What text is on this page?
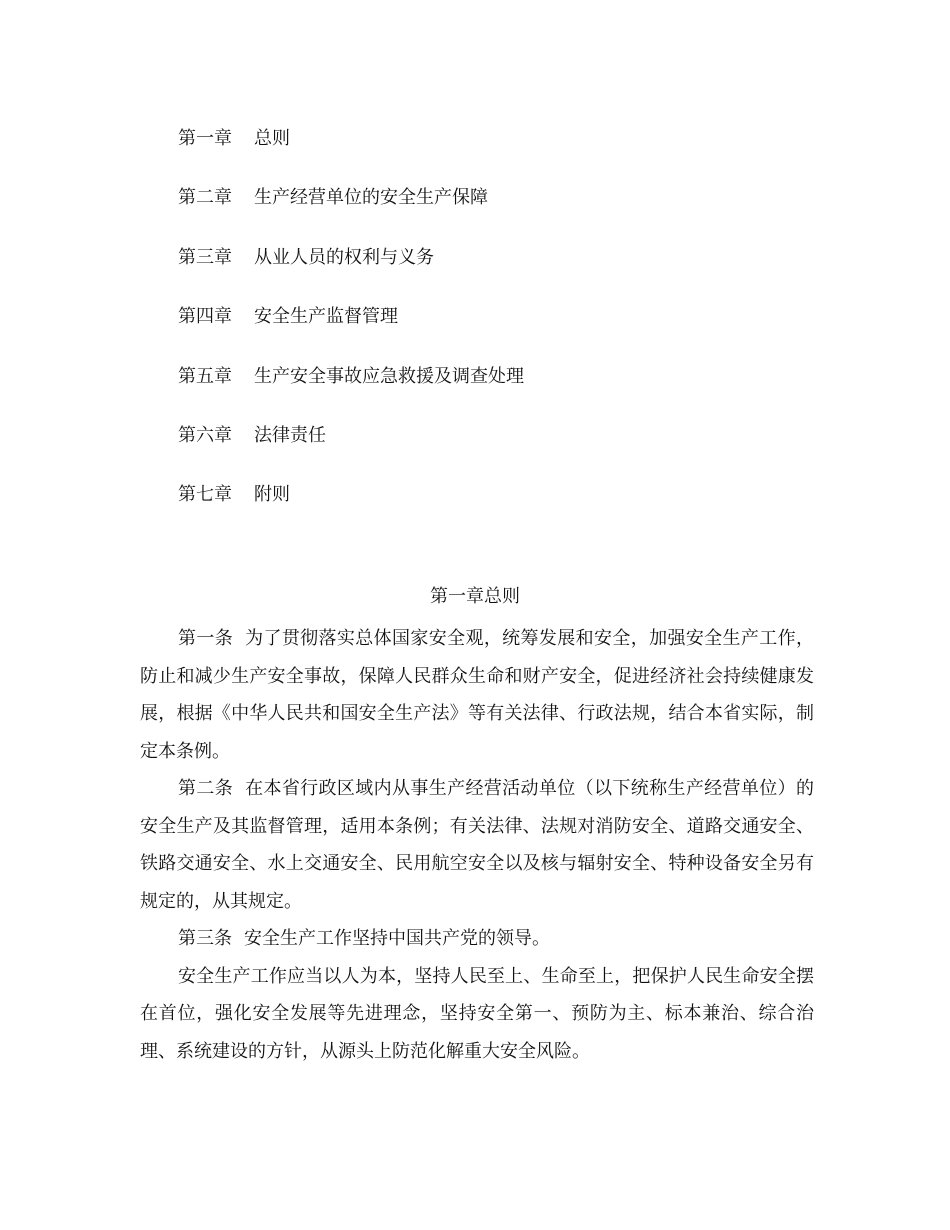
第一章	总则
第二章	生产经营单位的安全生产保障
第三章	从业人员的权利与义务
第四章	安全生产监督管理
第五章	生产安全事故应急救援及调查处理
第六章	法律责任
第七章	附则
第一章总则

第一条 为了贯彻落实总体国家安全观，统筹发展和安全，加强安全生产工作，防止和减少生产安全事故，保障人民群众生命和财产安全，促进经济社会持续健康发展，根据《中华人民共和国安全生产法》等有关法律、行政法规，结合本省实际，制定本条例。

第二条 在本省行政区域内从事生产经营活动单位（以下统称生产经营单位）的安全生产及其监督管理，适用本条例；有关法律、法规对消防安全、道路交通安全、铁路交通安全、水上交通安全、民用航空安全以及核与辐射安全、特种设备安全另有规定的，从其规定。

第三条 安全生产工作坚持中国共产党的领导。

安全生产工作应当以人为本，坚持人民至上、生命至上，把保护人民生命安全摆在首位，强化安全发展等先进理念，坚持安全第一、预防为主、标本兼治、综合治理、系统建设的方针，从源头上防范化解重大安全风险。
